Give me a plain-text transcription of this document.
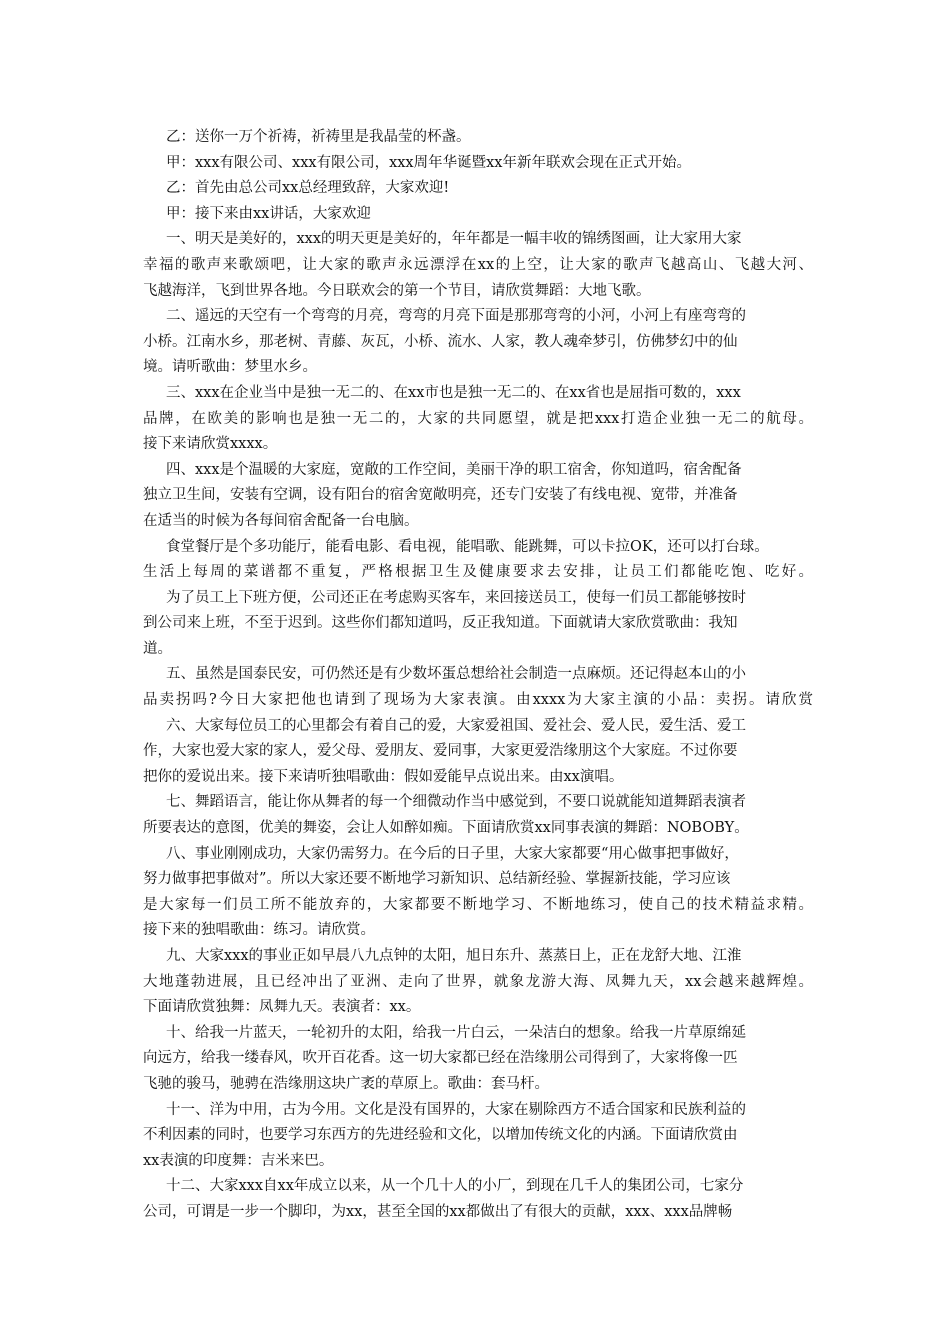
乙：送你一万个祈祷，祈祷里是我晶莹的杯盏。
甲：xxx有限公司、xxx有限公司，xxx周年华诞暨xx年新年联欢会现在正式开始。
乙：首先由总公司xx总经理致辞，大家欢迎!
甲：接下来由xx讲话，大家欢迎
一、明天是美好的，xxx的明天更是美好的，年年都是一幅丰收的锦绣图画，让大家用大家
幸福的歌声来歌颂吧，让大家的歌声永远漂浮在xx的上空，让大家的歌声飞越高山、飞越大河、
飞越海洋，飞到世界各地。今日联欢会的第一个节目，请欣赏舞蹈：大地飞歌。
二、遥远的天空有一个弯弯的月亮，弯弯的月亮下面是那那弯弯的小河，小河上有座弯弯的
小桥。江南水乡，那老树、青藤、灰瓦，小桥、流水、人家，教人魂牵梦引，仿佛梦幻中的仙
境。请听歌曲：梦里水乡。
三、xxx在企业当中是独一无二的、在xx市也是独一无二的、在xx省也是屈指可数的，xxx
品牌，在欧美的影响也是独一无二的，大家的共同愿望，就是把xxx打造企业独一无二的航母。
接下来请欣赏xxxx。
四、xxx是个温暖的大家庭，宽敞的工作空间，美丽干净的职工宿舍，你知道吗，宿舍配备
独立卫生间，安装有空调，设有阳台的宿舍宽敞明亮，还专门安装了有线电视、宽带，并准备
在适当的时候为各每间宿舍配备一台电脑。
食堂餐厅是个多功能厅，能看电影、看电视，能唱歌、能跳舞，可以卡拉OK，还可以打台球。
生活上每周的菜谱都不重复，严格根据卫生及健康要求去安排，让员工们都能吃饱、吃好。
为了员工上下班方便，公司还正在考虑购买客车，来回接送员工，使每一们员工都能够按时
到公司来上班，不至于迟到。这些你们都知道吗，反正我知道。下面就请大家欣赏歌曲：我知
道。
五、虽然是国泰民安，可仍然还是有少数坏蛋总想给社会制造一点麻烦。还记得赵本山的小
品卖拐吗?今日大家把他也请到了现场为大家表演。由xxxx为大家主演的小品：卖拐。请欣赏
六、大家每位员工的心里都会有着自己的爱，大家爱祖国、爱社会、爱人民，爱生活、爱工
作，大家也爱大家的家人，爱父母、爱朋友、爱同事，大家更爱浩缘朋这个大家庭。不过你要
把你的爱说出来。接下来请听独唱歌曲：假如爱能早点说出来。由xx演唱。
七、舞蹈语言，能让你从舞者的每一个细微动作当中感觉到，不要口说就能知道舞蹈表演者
所要表达的意图，优美的舞姿，会让人如醉如痴。下面请欣赏xx同事表演的舞蹈：NOBOBY。
八、事业刚刚成功，大家仍需努力。在今后的日子里，大家大家都要“用心做事把事做好，
努力做事把事做对”。所以大家还要不断地学习新知识、总结新经验、掌握新技能，学习应该
是大家每一们员工所不能放弃的，大家都要不断地学习、不断地练习，使自己的技术精益求精。
接下来的独唱歌曲：练习。请欣赏。
九、大家xxx的事业正如早晨八九点钟的太阳，旭日东升、蒸蒸日上，正在龙舒大地、江淮
大地蓬勃进展，且已经冲出了亚洲、走向了世界，就象龙游大海、凤舞九天，xx会越来越辉煌。
下面请欣赏独舞：凤舞九天。表演者：xx。
十、给我一片蓝天，一轮初升的太阳，给我一片白云，一朵洁白的想象。给我一片草原绵延
向远方，给我一缕春风，吹开百花香。这一切大家都已经在浩缘朋公司得到了，大家将像一匹
飞驰的骏马，驰骋在浩缘朋这块广袤的草原上。歌曲：套马杆。
十一、洋为中用，古为今用。文化是没有国界的，大家在剔除西方不适合国家和民族利益的
不利因素的同时，也要学习东西方的先进经验和文化，以增加传统文化的内涵。下面请欣赏由
xx表演的印度舞：吉米来巴。
十二、大家xxx自xx年成立以来，从一个几十人的小厂，到现在几千人的集团公司，七家分
公司，可谓是一步一个脚印，为xx，甚至全国的xx都做出了有很大的贡献，xxx、xxx品牌畅
